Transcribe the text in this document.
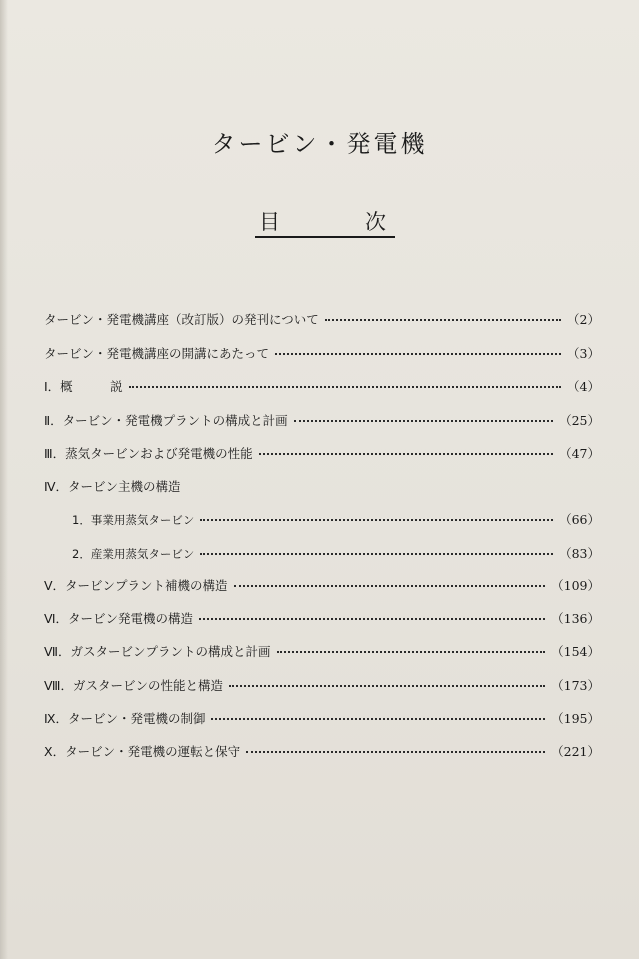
タービン・発電機
目	次
タービン・発電機講座（改訂版）の発刊について	（2）
タービン・発電機講座の開講にあたって	（3）
I．概　　　説	（4）
Ⅱ．タービン・発電機プラントの構成と計画	（25）
Ⅲ．蒸気タービンおよび発電機の性能	（47）
Ⅳ．タービン主機の構造
1．事業用蒸気タービン	（66）
2．産業用蒸気タービン	（83）
Ⅴ．タービンプラント補機の構造	（109）
Ⅵ．タービン発電機の構造	（136）
Ⅶ．ガスタービンプラントの構成と計画	（154）
Ⅷ．ガスタービンの性能と構造	（173）
Ⅸ．タービン・発電機の制御	（195）
Ⅹ．タービン・発電機の運転と保守	（221）
